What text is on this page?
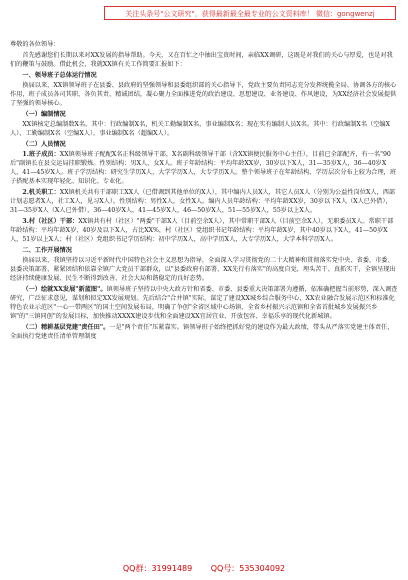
关注头条号"公文研究"，获得最新最全最专业的公文资料库！ 微信：gongwenzj

尊敬的各位领导：

首先感谢您们长期以来对XX发展的指导帮助。今天，又在百忙之中抽出宝贵时间，亲临XX调研，这既是对我们的关心与厚爱，也是对我们的鞭策与鼓励。借此机会，我就XX镇有关工作简要汇报如下：

一、领导班子总体运行情况

换届以来，XX镇领导班子在县委、县政府的坚强领导和县委组织部的关心指导下，党政主要负责同志充分发挥统揽全局、协调各方的核心作用，班子成员各司其职、各负其责、精诚团结，凝心聚力全面推进党的政治建设、思想建设、业务建设、作风建设，为XX经济社会发展提供了坚强的领导核心。

（一）编制情况

XX镇核定总编制数X名。其中：行政编制X名，机关工勤编制X名，事业编制X名；现在实有编制人员X名。其中：行政编制X名（空编X人），工勤编制X名（空编X人），事业编制X名（超编X人）。

（二）人员情况

1.班子成员：XX镇领导班子配配X名正科级领导干部，X名副科级领导干部（含XX镇便民服务中心主任），目前已全部配齐，有一名"90后"副镇长在县交运局挂职锻炼。性别结构：男X人，女X人。班子年龄结构：平均年龄XX岁，30岁以下X人，31—35岁X人，36—40岁X人，41—45岁X人。班子学历结构：研究生学历X人，大学学历X人，大专学历X人。整个领导班子在年龄结构、学历层次分布上较为合理，班子搭配基本实现年轻化、知识化、专业化。

2.机关职工：XX镇机关共有干部职工XX人（已借调到其他单位的X人），其中编内人员X人，其它人员X人（分别为公益性岗位X人，西部计划志愿者X人，社工X人，见习X人）。性别结构：男性X人，女性X人。编内人员年龄结构：平均年龄XX岁，30岁以下X人（X人已外借），31—35岁X人（X人已外借），36—40岁X人，41—45岁X人，46—50岁X人，51—55岁X人，55岁以上X人。

3.村（社区）干部：XX镇共有村（社区）"两委"干部X人（目前空余X人），其中常职干部X人（目前空余X人），无职委员X人。常职干部年龄结构：平均年龄X岁，40岁及以下X人，占比XX%，村（社区）党组织书记年龄结构：平均年龄X岁，其中40岁以下X人，41—50岁X人，51岁以上X人；村（社区）党组织书记学历结构：初中学历X人，高中学历X人，大专学历X人，大学本科学历X人。

二、工作开展情况

换届以来，我镇坚持以习近平新时代中国特色社会主义思想为指导，全面深入学习贯彻党的二十大精神和贯彻落实党中央、省委、市委、县委决策部署，紧紧团结和依靠全镇广大党员干部群众，以"县委政府有部署、XX先行有落实"的高度自觉，埋头苦干、真抓实干，全镇呈现出经济持续健康发展、民生不断得到改善、社会大局和谐稳定的良好态势。

（一）绘就XX发展"新蓝图"。镇领导班子坚持以中央大政方针和省委、市委、县委重大决策部署为遵循，依准确把握当前形势，深入调查研究，广泛征求意见，谋划和拟定XX发展规划。先后结合"合并镇"实际，谋定了建设XX城乡综合服务中心、XX农业融合发展示范区和标准化特色农业示范区"一心一带两区"的国土空间发展布局，明确了争创"全省区域中心场镇、全省乡村振兴示范镇和全省首批城乡发展振兴乡镇"的"三镇同创"的发展目标，加快推动XXXX建设步伐和全面建设XX宜居宜业、开放包容、幸福乐享的现代化新城镇。

（二）精耕基层党建"责任田"。一是"两个责任"压紧靠实。镇领导班子始终把抓好党的建设作为最大政绩，带头从严落实党建主体责任，全面执行党建责任清单管理制度

QQ群：31991489 QQ号：535304092
